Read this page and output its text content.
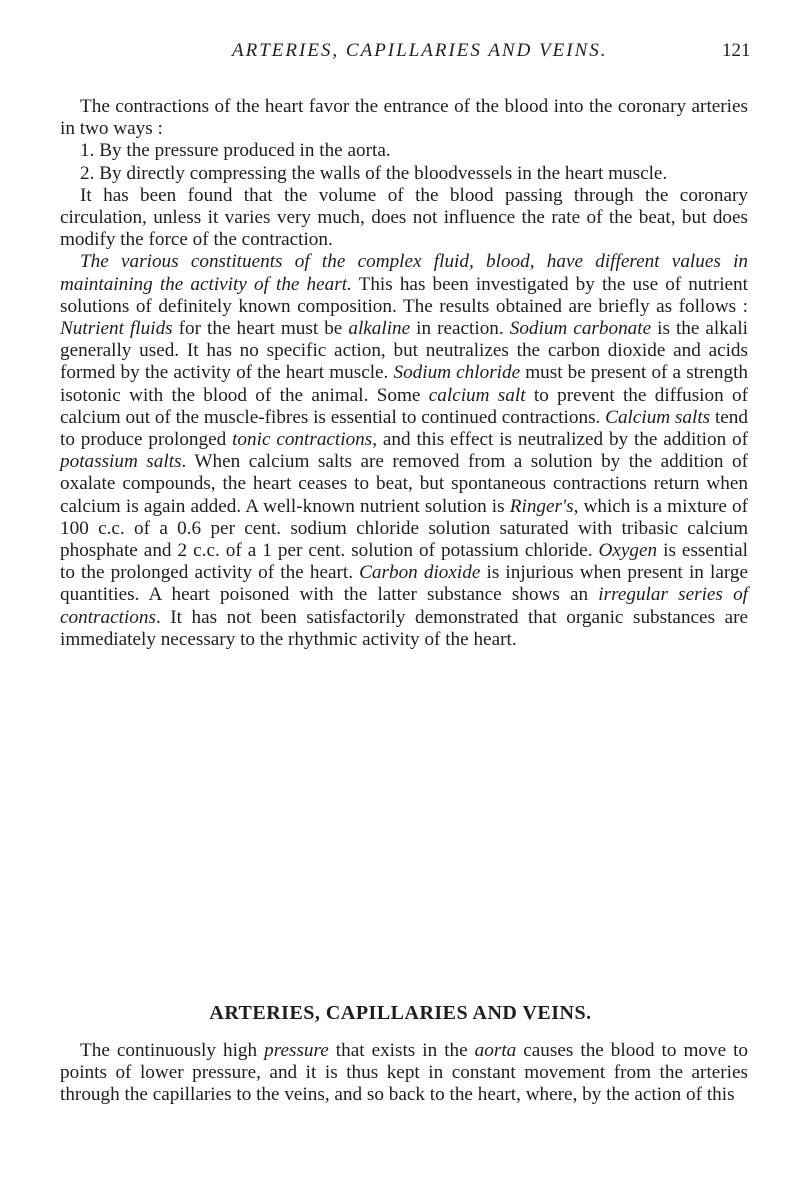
ARTERIES, CAPILLARIES AND VEINS.	121

The contractions of the heart favor the entrance of the blood into the coronary arteries in two ways :

1. By the pressure produced in the aorta.

2. By directly compressing the walls of the bloodvessels in the heart muscle.

It has been found that the volume of the blood passing through the coronary circulation, unless it varies very much, does not influence the rate of the beat, but does modify the force of the contraction.

The various constituents of the complex fluid, blood, have different values in maintaining the activity of the heart. This has been investigated by the use of nutrient solutions of definitely known composition. The results obtained are briefly as follows : Nutrient fluids for the heart must be alkaline in reaction. Sodium carbonate is the alkali generally used. It has no specific action, but neutralizes the carbon dioxide and acids formed by the activity of the heart muscle. Sodium chloride must be present of a strength isotonic with the blood of the animal. Some calcium salt to prevent the diffusion of calcium out of the muscle-fibres is essential to continued contractions. Calcium salts tend to produce prolonged tonic contractions, and this effect is neutralized by the addition of potassium salts. When calcium salts are removed from a solution by the addition of oxalate compounds, the heart ceases to beat, but spontaneous contractions return when calcium is again added. A well-known nutrient solution is Ringer's, which is a mixture of 100 c.c. of a 0.6 per cent. sodium chloride solution saturated with tribasic calcium phosphate and 2 c.c. of a 1 per cent. solution of potassium chloride. Oxygen is essential to the prolonged activity of the heart. Carbon dioxide is injurious when present in large quantities. A heart poisoned with the latter substance shows an irregular series of contractions. It has not been satisfactorily demonstrated that organic substances are immediately necessary to the rhythmic activity of the heart.

ARTERIES, CAPILLARIES AND VEINS.

The continuously high pressure that exists in the aorta causes the blood to move to points of lower pressure, and it is thus kept in constant movement from the arteries through the capillaries to the veins, and so back to the heart, where, by the action of this
